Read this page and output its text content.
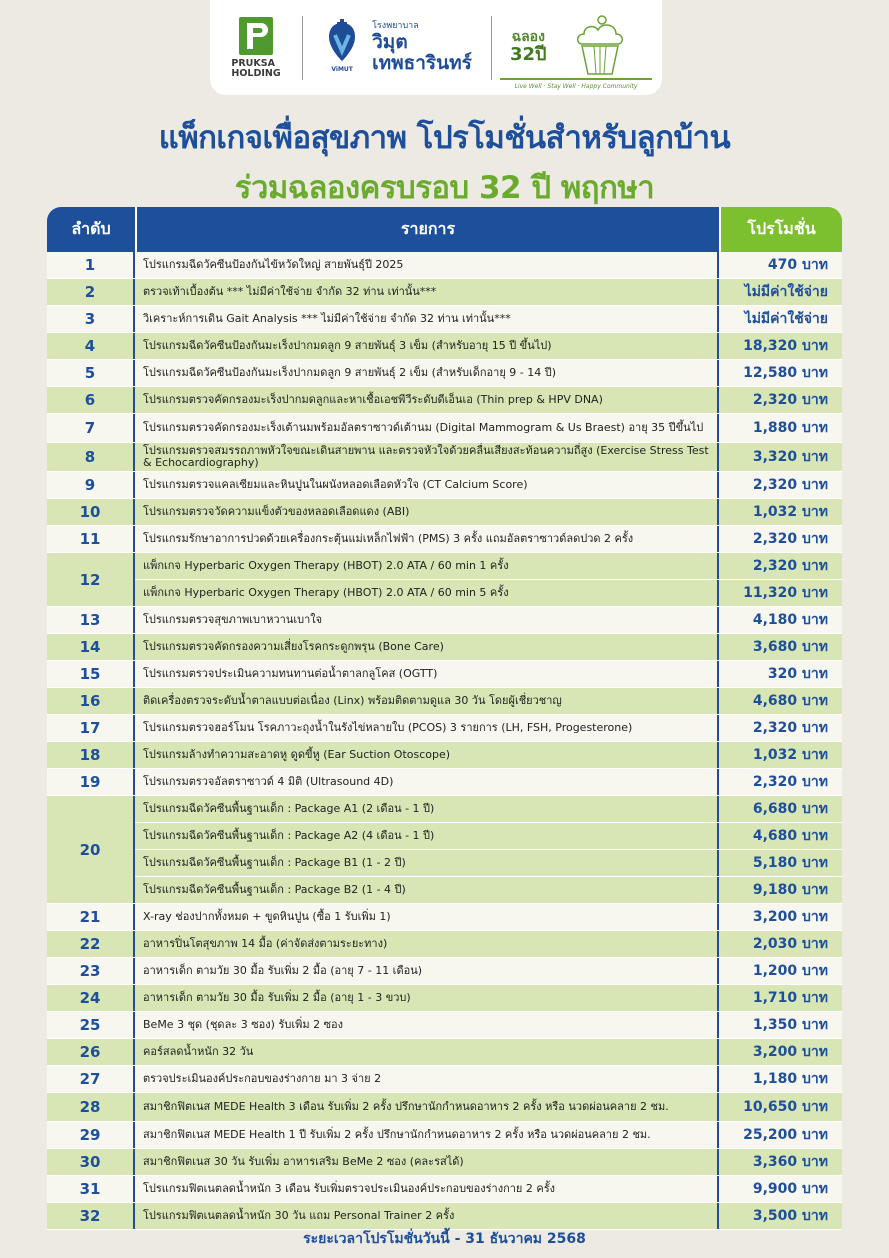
PRUKSA
HOLDING	ViMUT
โรงพยาบาล
วิมุต
เทพธารินทร์
ฉลอง
32ปี
Live Well · Stay Well · Happy Community
แพ็กเกจเพื่อสุขภาพ โปรโมชั่นสำหรับลูกบ้าน
ร่วมฉลองครบรอบ 32 ปี พฤกษา
ลำดับ	รายการ	โปรโมชั่น
1	โปรแกรมฉีดวัคซีนป้องกันไข้หวัดใหญ่ สายพันธุ์ปี 2025	470 บาท
2	ตรวจเท้าเบื้องต้น *** ไม่มีค่าใช้จ่าย จำกัด 32 ท่าน เท่านั้น***	ไม่มีค่าใช้จ่าย
3	วิเคราะห์การเดิน Gait Analysis *** ไม่มีค่าใช้จ่าย จำกัด 32 ท่าน เท่านั้น***	ไม่มีค่าใช้จ่าย
4	โปรแกรมฉีดวัคซีนป้องกันมะเร็งปากมดลูก 9 สายพันธุ์ 3 เข็ม (สำหรับอายุ 15 ปี ขึ้นไป)	18,320 บาท
5	โปรแกรมฉีดวัคซีนป้องกันมะเร็งปากมดลูก 9 สายพันธุ์ 2 เข็ม (สำหรับเด็กอายุ 9 - 14 ปี)	12,580 บาท
6	โปรแกรมตรวจคัดกรองมะเร็งปากมดลูกและหาเชื้อเอชพีวีระดับดีเอ็นเอ (Thin prep & HPV DNA)	2,320 บาท
7	โปรแกรมตรวจคัดกรองมะเร็งเต้านมพร้อมอัลตราซาวด์เต้านม (Digital Mammogram & Us Braest) อายุ 35 ปีขึ้นไป	1,880 บาท
8	โปรแกรมตรวจสมรรถภาพหัวใจขณะเดินสายพาน และตรวจหัวใจด้วยคลื่นเสียงสะท้อนความถี่สูง (Exercise Stress Test & Echocardiography)	3,320 บาท
9	โปรแกรมตรวจแคลเซียมและหินปูนในผนังหลอดเลือดหัวใจ (CT Calcium Score)	2,320 บาท
10	โปรแกรมตรวจวัดความแข็งตัวของหลอดเลือดแดง (ABI)	1,032 บาท
11	โปรแกรมรักษาอาการปวดด้วยเครื่องกระตุ้นแม่เหล็กไฟฟ้า (PMS) 3 ครั้ง แถมอัลตราซาวด์ลดปวด 2 ครั้ง	2,320 บาท
12
แพ็กเกจ Hyperbaric Oxygen Therapy (HBOT) 2.0 ATA / 60 min 1 ครั้ง	2,320 บาท
แพ็กเกจ Hyperbaric Oxygen Therapy (HBOT) 2.0 ATA / 60 min 5 ครั้ง	11,320 บาท
13	โปรแกรมตรวจสุขภาพเบาหวานเบาใจ	4,180 บาท
14	โปรแกรมตรวจคัดกรองความเสี่ยงโรคกระดูกพรุน (Bone Care)	3,680 บาท
15	โปรแกรมตรวจประเมินความทนทานต่อน้ำตาลกลูโคส (OGTT)	320 บาท
16	ติดเครื่องตรวจระดับน้ำตาลแบบต่อเนื่อง (Linx) พร้อมติดตามดูแล 30 วัน โดยผู้เชี่ยวชาญ	4,680 บาท
17	โปรแกรมตรวจฮอร์โมน โรคภาวะถุงน้ำในรังไข่หลายใบ (PCOS) 3 รายการ (LH, FSH, Progesterone)	2,320 บาท
18	โปรแกรมล้างทำความสะอาดหู ดูดขี้หู (Ear Suction Otoscope)	1,032 บาท
19	โปรแกรมตรวจอัลตราซาวด์ 4 มิติ (Ultrasound 4D)	2,320 บาท
20
โปรแกรมฉีดวัคซีนพื้นฐานเด็ก : Package A1 (2 เดือน - 1 ปี)	6,680 บาท
โปรแกรมฉีดวัคซีนพื้นฐานเด็ก : Package A2 (4 เดือน - 1 ปี)	4,680 บาท
โปรแกรมฉีดวัคซีนพื้นฐานเด็ก : Package B1 (1 - 2 ปี)	5,180 บาท
โปรแกรมฉีดวัคซีนพื้นฐานเด็ก : Package B2 (1 - 4 ปี)	9,180 บาท
21	X-ray ช่องปากทั้งหมด + ขูดหินปูน (ซื้อ 1 รับเพิ่ม 1)	3,200 บาท
22	อาหารปิ่นโตสุขภาพ 14 มื้อ (ค่าจัดส่งตามระยะทาง)	2,030 บาท
23	อาหารเด็ก ตามวัย 30 มื้อ รับเพิ่ม 2 มื้อ (อายุ 7 - 11 เดือน)	1,200 บาท
24	อาหารเด็ก ตามวัย 30 มื้อ รับเพิ่ม 2 มื้อ (อายุ 1 - 3 ขวบ)	1,710 บาท
25	BeMe 3 ชุด (ชุดละ 3 ซอง) รับเพิ่ม 2 ซอง	1,350 บาท
26	คอร์สลดน้ำหนัก 32 วัน	3,200 บาท
27	ตรวจประเมินองค์ประกอบของร่างกาย มา 3 จ่าย 2	1,180 บาท
28	สมาชิกฟิตเนส MEDE Health 3 เดือน รับเพิ่ม 2 ครั้ง ปรึกษานักกำหนดอาหาร 2 ครั้ง หรือ นวดผ่อนคลาย 2 ชม.	10,650 บาท
29	สมาชิกฟิตเนส MEDE Health 1 ปี รับเพิ่ม 2 ครั้ง ปรึกษานักกำหนดอาหาร 2 ครั้ง หรือ นวดผ่อนคลาย 2 ชม.	25,200 บาท
30	สมาชิกฟิตเนส 30 วัน รับเพิ่ม อาหารเสริม BeMe 2 ซอง (คละรสได้)	3,360 บาท
31	โปรแกรมฟิตเนตลดน้ำหนัก 3 เดือน รับเพิ่มตรวจประเมินองค์ประกอบของร่างกาย 2 ครั้ง	9,900 บาท
32	โปรแกรมฟิตเนตลดน้ำหนัก 30 วัน แถม Personal Trainer 2 ครั้ง	3,500 บาท

ระยะเวลาโปรโมชั่นวันนี้ - 31 ธันวาคม 2568
